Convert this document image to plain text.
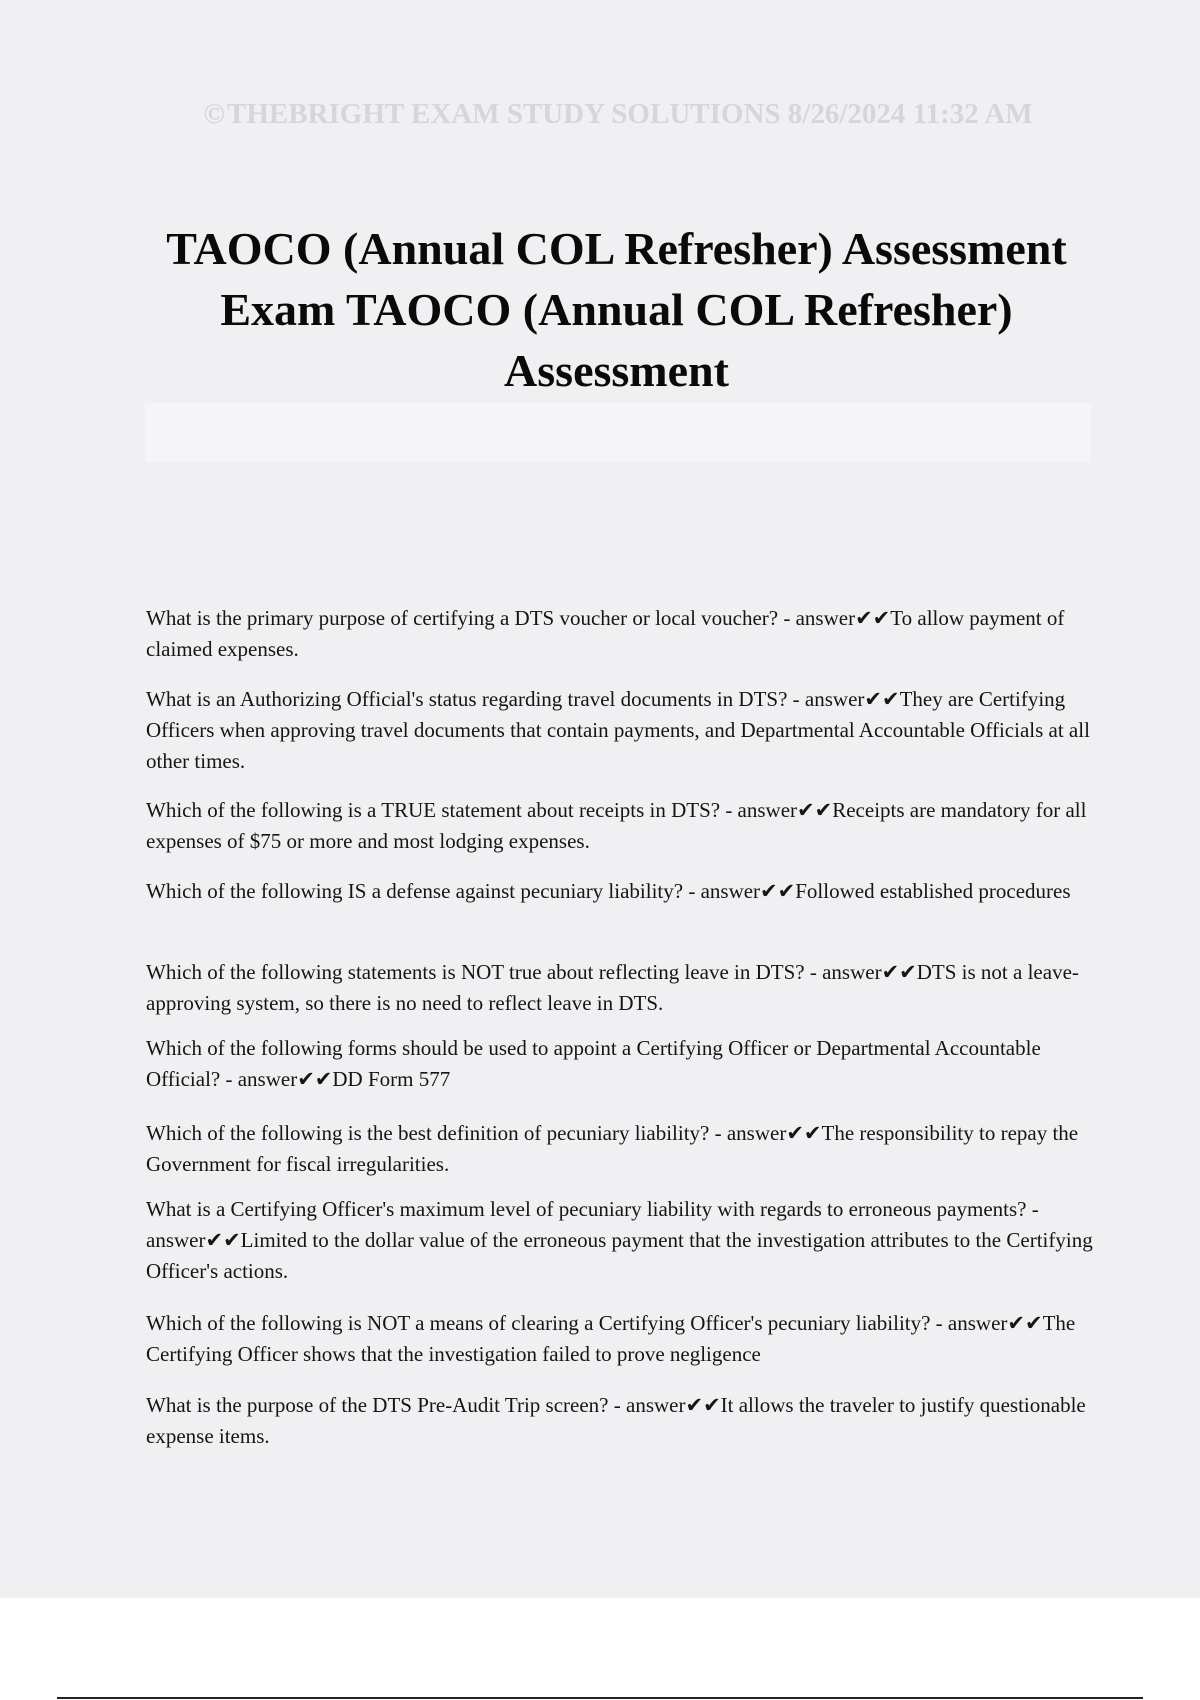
©THEBRIGHT EXAM STUDY SOLUTIONS 8/26/2024 11:32 AM
TAOCO (Annual COL Refresher) Assessment Exam TAOCO (Annual COL Refresher) Assessment
What is the primary purpose of certifying a DTS voucher or local voucher? - answer✔✔To allow payment of claimed expenses.
What is an Authorizing Official's status regarding travel documents in DTS? - answer✔✔They are Certifying Officers when approving travel documents that contain payments, and Departmental Accountable Officials at all other times.
Which of the following is a TRUE statement about receipts in DTS? - answer✔✔Receipts are mandatory for all expenses of $75 or more and most lodging expenses.
Which of the following IS a defense against pecuniary liability? - answer✔✔Followed established procedures
Which of the following statements is NOT true about reflecting leave in DTS? - answer✔✔DTS is not a leave-approving system, so there is no need to reflect leave in DTS.
Which of the following forms should be used to appoint a Certifying Officer or Departmental Accountable Official? - answer✔✔DD Form 577
Which of the following is the best definition of pecuniary liability? - answer✔✔The responsibility to repay the Government for fiscal irregularities.
What is a Certifying Officer's maximum level of pecuniary liability with regards to erroneous payments? - answer✔✔Limited to the dollar value of the erroneous payment that the investigation attributes to the Certifying Officer's actions.
Which of the following is NOT a means of clearing a Certifying Officer's pecuniary liability? - answer✔✔The Certifying Officer shows that the investigation failed to prove negligence
What is the purpose of the DTS Pre-Audit Trip screen? - answer✔✔It allows the traveler to justify questionable expense items.
